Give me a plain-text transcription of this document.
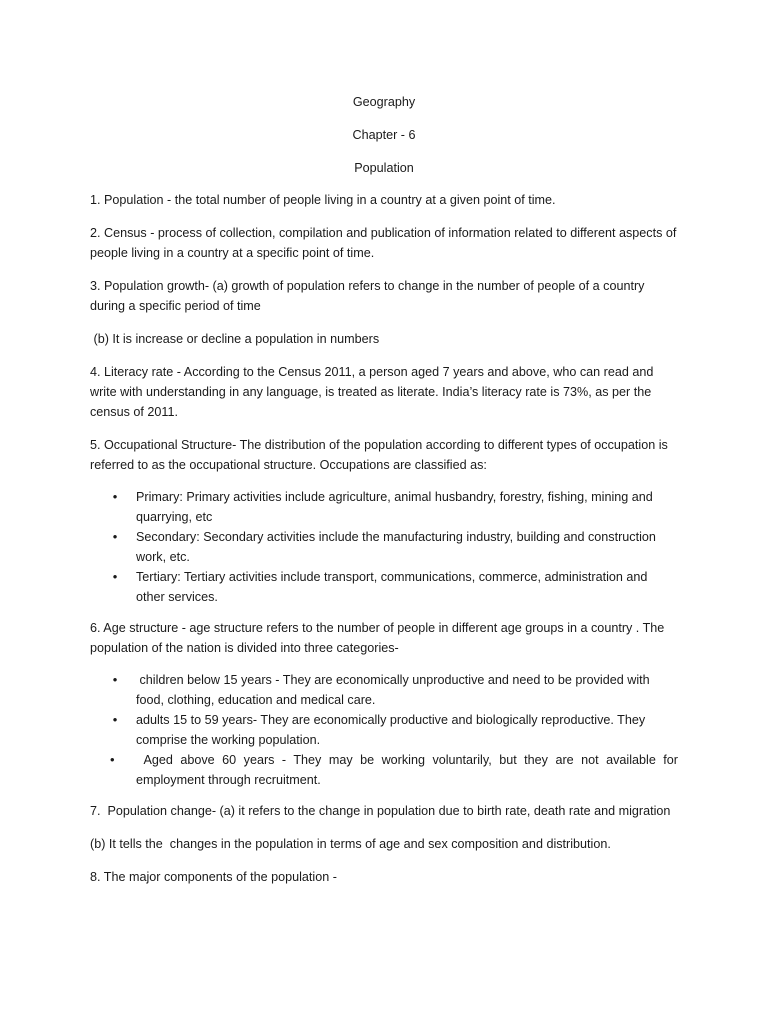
Geography

Chapter - 6

Population

1. Population - the total number of people living in a country at a given point of time.

2. Census - process of collection, compilation and publication of information related to different aspects of people living in a country at a specific point of time.

3. Population growth- (a) growth of population refers to change in the number of people of a country during a specific period of time

(b) It is increase or decline a population in numbers

4. Literacy rate - According to the Census 2011, a person aged 7 years and above, who can read and write with understanding in any language, is treated as literate. India’s literacy rate is 73%, as per the census of 2011.

5. Occupational Structure- The distribution of the population according to different types of occupation is referred to as the occupational structure. Occupations are classified as:

• Primary: Primary activities include agriculture, animal husbandry, forestry, fishing, mining and quarrying, etc
• Secondary: Secondary activities include the manufacturing industry, building and construction work, etc.
• Tertiary: Tertiary activities include transport, communications, commerce, administration and other services.

6. Age structure - age structure refers to the number of people in different age groups in a country . The population of the nation is divided into three categories-

• children below 15 years - They are economically unproductive and need to be provided with food, clothing, education and medical care.
• adults 15 to 59 years- They are economically productive and biologically reproductive. They comprise the working population.
•	Aged above 60 years - They may be working voluntarily, but they are not available for employment through recruitment.

7.  Population change- (a) it refers to the change in population due to birth rate, death rate and migration

(b) It tells the  changes in the population in terms of age and sex composition and distribution.

8. The major components of the population -
